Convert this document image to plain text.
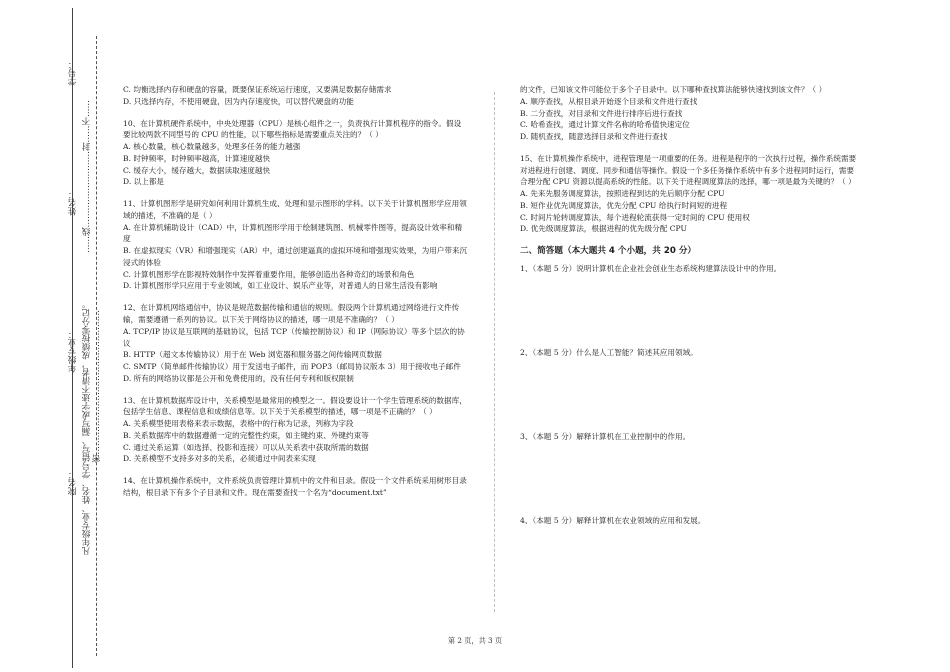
学号：
姓名：
年级专业：
院名：
……线………………………封……不……
凡年级专业、姓名、学号错写、漏写或字迹不清者，成绩按零分记。 密……………………………………………

C. 均衡选择内存和硬盘的容量，既要保证系统运行速度，又要满足数据存储需求

D. 只选择内存，不使用硬盘，因为内存速度快，可以替代硬盘的功能

10、在计算机硬件系统中，中央处理器（CPU）是核心组件之一，负责执行计算机程序的指令。假设要比较两款不同型号的 CPU 的性能，以下哪些指标是需要重点关注的？（ ）

A. 核心数量，核心数量越多，处理多任务的能力越强

B. 时钟频率，时钟频率越高，计算速度越快

C. 缓存大小，缓存越大，数据读取速度越快

D. 以上都是

11、计算机图形学是研究如何利用计算机生成、处理和显示图形的学科。以下关于计算机图形学应用领域的描述，不准确的是（ ）

A. 在计算机辅助设计（CAD）中，计算机图形学用于绘制建筑图、机械零件图等，提高设计效率和精度

B. 在虚拟现实（VR）和增强现实（AR）中，通过创建逼真的虚拟环境和增强现实效果，为用户带来沉浸式的体验

C. 计算机图形学在影视特效制作中发挥着重要作用，能够创造出各种奇幻的场景和角色

D. 计算机图形学只应用于专业领域，如工业设计、娱乐产业等，对普通人的日常生活没有影响

12、在计算机网络通信中，协议是规范数据传输和通信的规则。假设两个计算机通过网络进行文件传输，需要遵循一系列的协议。以下关于网络协议的描述，哪一项是不准确的？（ ）

A. TCP/IP 协议是互联网的基础协议，包括 TCP（传输控制协议）和 IP（网际协议）等多个层次的协议

B. HTTP（超文本传输协议）用于在 Web 浏览器和服务器之间传输网页数据

C. SMTP（简单邮件传输协议）用于发送电子邮件，而 POP3（邮局协议版本 3）用于接收电子邮件

D. 所有的网络协议都是公开和免费使用的，没有任何专利和版权限制

13、在计算机数据库设计中，关系模型是最常用的模型之一。假设要设计一个学生管理系统的数据库，包括学生信息、课程信息和成绩信息等。以下关于关系模型的描述，哪一项是不正确的？（ ）

A. 关系模型使用表格来表示数据，表格中的行称为记录，列称为字段

B. 关系数据库中的数据遵循一定的完整性约束，如主键约束、外键约束等

C. 通过关系运算（如选择、投影和连接）可以从关系表中获取所需的数据

D. 关系模型不支持多对多的关系，必须通过中间表来实现

14、在计算机操作系统中，文件系统负责管理计算机中的文件和目录。假设一个文件系统采用树形目录结构，根目录下有多个子目录和文件。现在需要查找一个名为“document.txt”

的文件，已知该文件可能位于多个子目录中。以下哪种查找算法能够快速找到该文件？（ ）

A. 顺序查找，从根目录开始逐个目录和文件进行查找

B. 二分查找，对目录和文件进行排序后进行查找

C. 哈希查找，通过计算文件名称的哈希值快速定位

D. 随机查找，随意选择目录和文件进行查找

15、在计算机操作系统中，进程管理是一项重要的任务。进程是程序的一次执行过程，操作系统需要对进程进行创建、调度、同步和通信等操作。假设一个多任务操作系统中有多个进程同时运行，需要合理分配 CPU 资源以提高系统的性能。以下关于进程调度算法的选择，哪一项是最为关键的？（ ）

A. 先来先服务调度算法，按照进程到达的先后顺序分配 CPU

B. 短作业优先调度算法，优先分配 CPU 给执行时间短的进程

C. 时间片轮转调度算法，每个进程轮流获得一定时间的 CPU 使用权

D. 优先级调度算法，根据进程的优先级分配 CPU

二、简答题（本大题共 4 个小题，共 20 分）

1、（本题 5 分）说明计算机在企业社会创业生态系统构建算法设计中的作用。

2、（本题 5 分）什么是人工智能？简述其应用领域。

3、（本题 5 分）解释计算机在工业控制中的作用。

4、（本题 5 分）解释计算机在农业领域的应用和发展。

第 2 页，共 3 页
